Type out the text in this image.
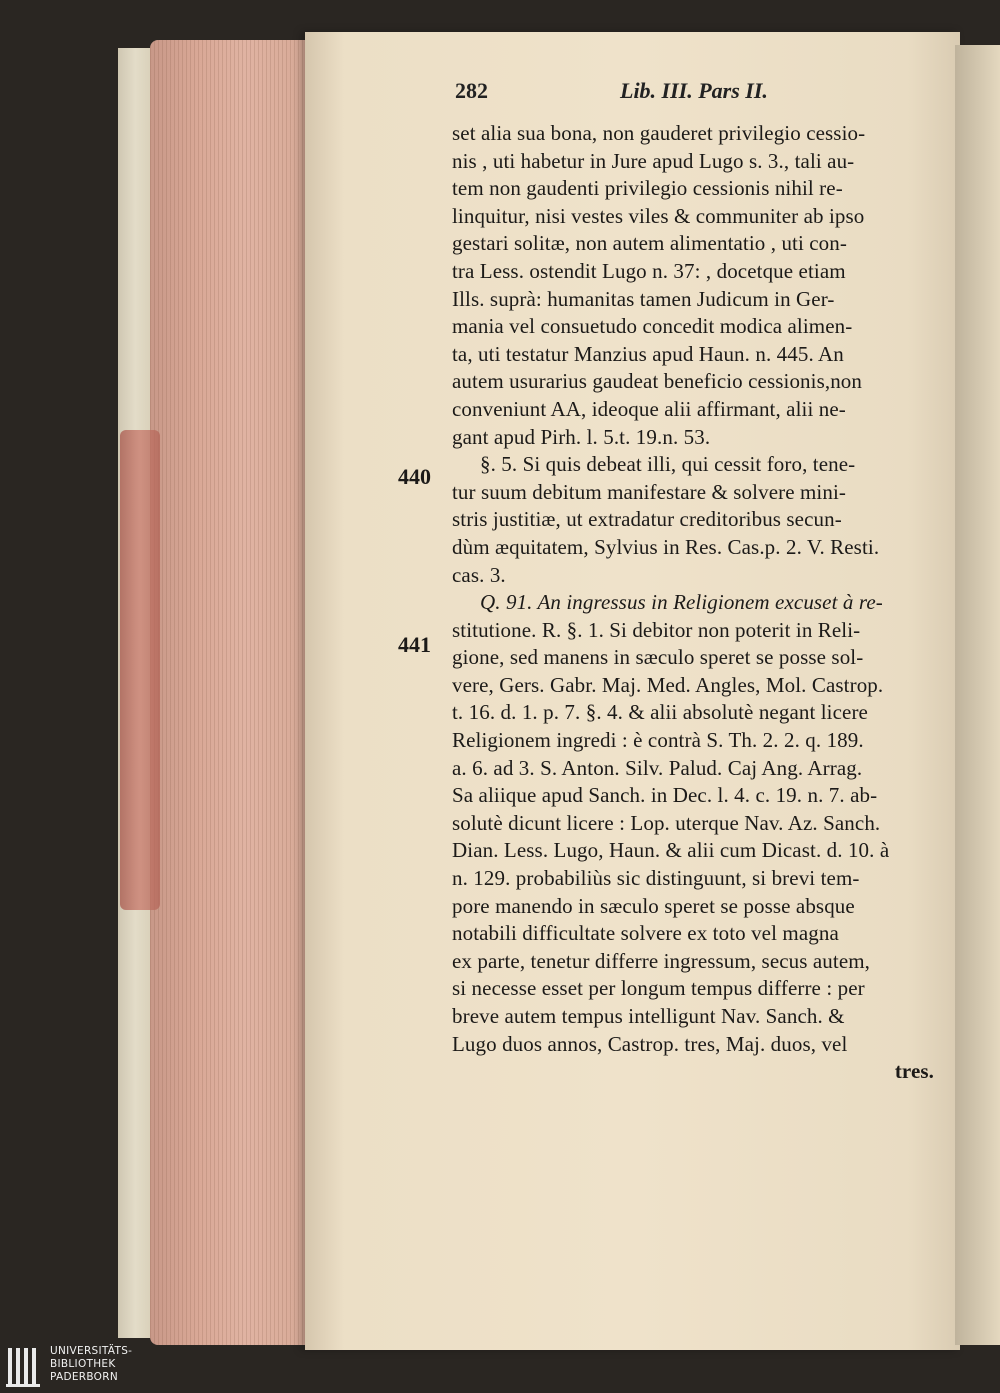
282	Lib. III. Pars II.
440
441
set alia sua bona, non gauderet privilegio cessio-
nis , uti habetur in Jure apud Lugo s. 3., tali au-
tem non gaudenti privilegio cessionis nihil re-
linquitur, nisi vestes viles & communiter ab ipso
gestari solitæ, non autem alimentatio , uti con-
tra Less. ostendit Lugo n. 37: , docetque etiam
Ills. suprà: humanitas tamen Judicum in Ger-
mania vel consuetudo concedit modica alimen-
ta, uti testatur Manzius apud Haun. n. 445. An
autem usurarius gaudeat beneficio cessionis,non
conveniunt AA, ideoque alii affirmant, alii ne-
gant apud Pirh. l. 5.t. 19.n. 53.
§. 5. Si quis debeat illi, qui cessit foro, tene-
tur suum debitum manifestare & solvere mini-
stris justitiæ, ut extradatur creditoribus secun-
dùm æquitatem, Sylvius in Res. Cas.p. 2. V. Resti.
cas. 3.
Q. 91. An ingressus in Religionem excuset à re-
stitutione. R. §. 1. Si debitor non poterit in Reli-
gione, sed manens in sæculo speret se posse sol-
vere, Gers. Gabr. Maj. Med. Angles, Mol. Castrop.
t. 16. d. 1. p. 7. §. 4. & alii absolutè negant licere
Religionem ingredi : è contrà S. Th. 2. 2. q. 189.
a. 6. ad 3. S. Anton. Silv. Palud. Caj Ang. Arrag.
Sa aliique apud Sanch. in Dec. l. 4. c. 19. n. 7. ab-
solutè dicunt licere : Lop. uterque Nav. Az. Sanch.
Dian. Less. Lugo, Haun. & alii cum Dicast. d. 10. à
n. 129. probabiliùs sic distinguunt, si brevi tem-
pore manendo in sæculo speret se posse absque
notabili difficultate solvere ex toto vel magna
ex parte, tenetur differre ingressum, secus autem,
si necesse esset per longum tempus differre : per
breve autem tempus intelligunt Nav. Sanch. &
Lugo duos annos, Castrop. tres, Maj. duos, vel
tres.
UNIVERSITÄTS-
BIBLIOTHEK
PADERBORN
